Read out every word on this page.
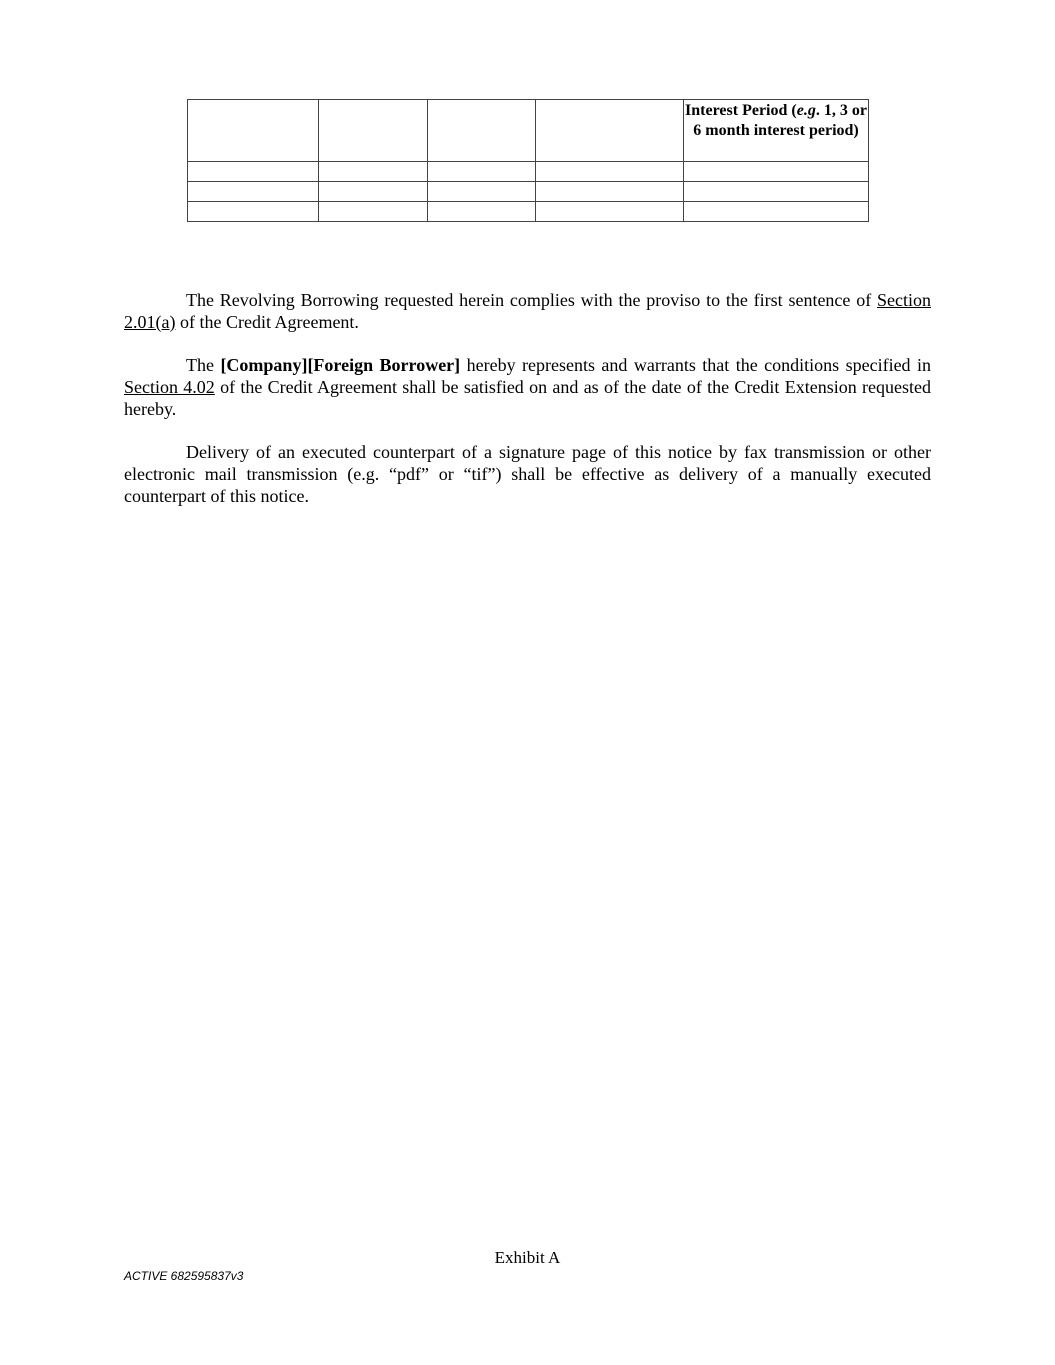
				Interest Period (e.g. 1, 3 or 6 month interest period)

The Revolving Borrowing requested herein complies with the proviso to the first sentence of Section 2.01(a) of the Credit Agreement.

The [Company][Foreign Borrower] hereby represents and warrants that the conditions specified in Section 4.02 of the Credit Agreement shall be satisfied on and as of the date of the Credit Extension requested hereby.

Delivery of an executed counterpart of a signature page of this notice by fax transmission or other electronic mail transmission (e.g. “pdf” or “tif”) shall be effective as delivery of a manually executed counterpart of this notice.

Exhibit A
ACTIVE 682595837v3
